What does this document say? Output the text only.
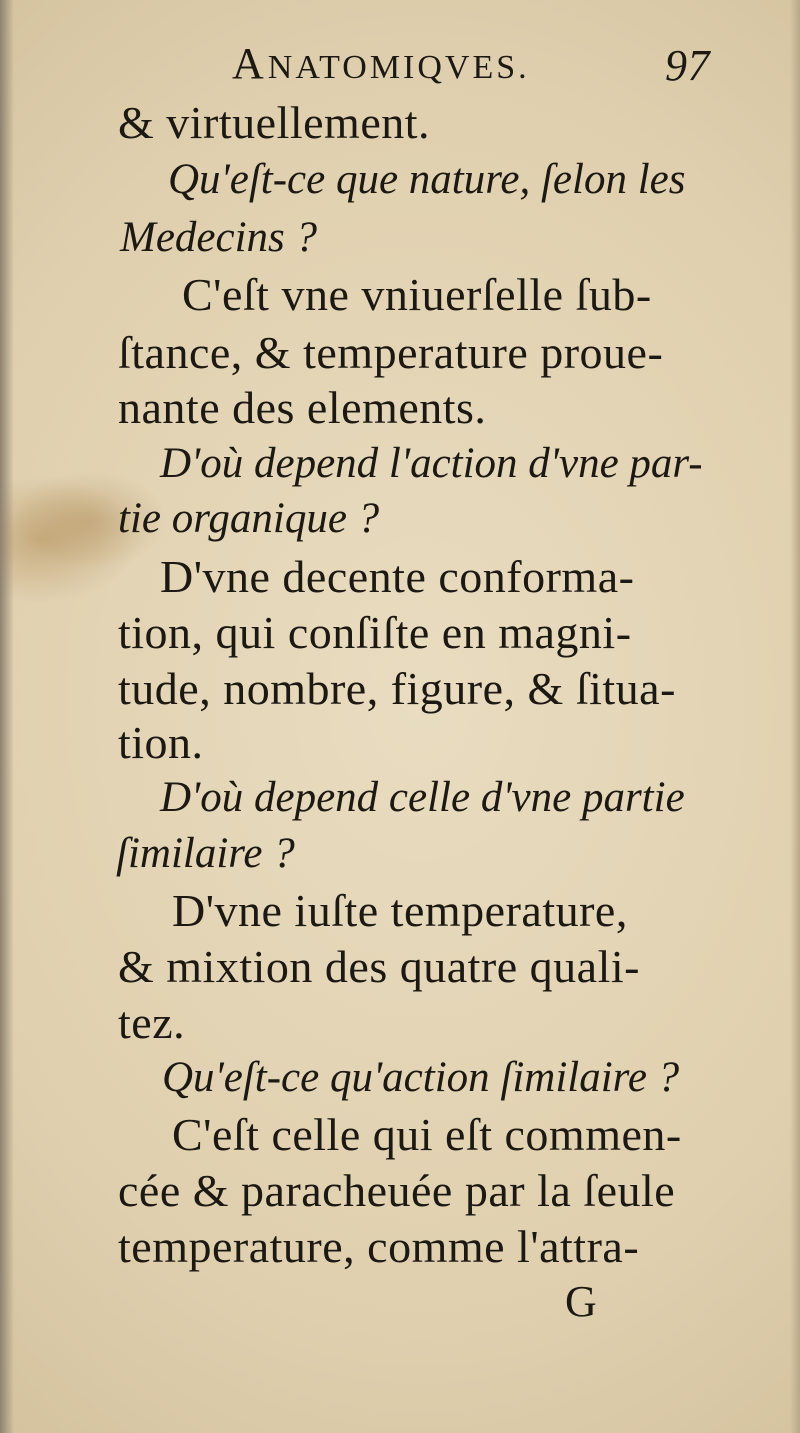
ANATOMIQVES.	97
& virtuellement.
Qu'eſt-ce que nature, ſelon les
Medecins ?
C'eſt vne vniuerſelle ſub-
ſtance, & temperature proue-
nante des elements.
D'où depend l'action d'vne par-
tie organique ?
D'vne decente conforma-
tion, qui conſiſte en magni-
tude, nombre, figure, & ſitua-
tion.
D'où depend celle d'vne partie
ſimilaire ?
D'vne iuſte temperature,
& mixtion des quatre quali-
tez.
Qu'eſt-ce qu'action ſimilaire ?
C'eſt celle qui eſt commen-
cée & paracheuée par la ſeule
temperature, comme l'attra-
G
